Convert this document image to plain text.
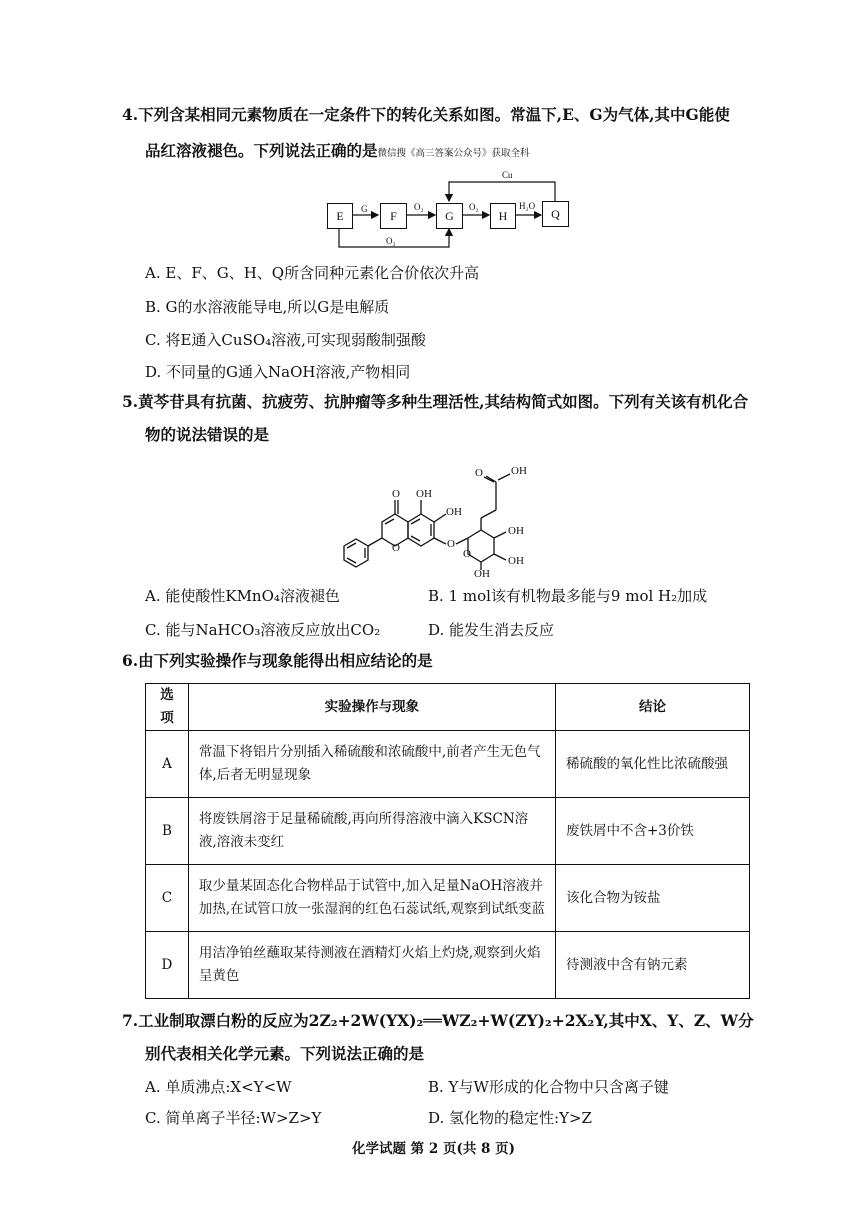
4.下列含某相同元素物质在一定条件下的转化关系如图。常温下,E、G为气体,其中G能使
品红溶液褪色。下列说法正确的是微信搜《高三答案公众号》获取全科
E	F	G	H	Q
G	O₂	O₂	H₂O
Cu
O₂
A. E、F、G、H、Q所含同种元素化合价依次升高
B. G的水溶液能导电,所以G是电解质
C. 将E通入CuSO₄溶液,可实现弱酸制强酸
D. 不同量的G通入NaOH溶液,产物相同
5.黄芩苷具有抗菌、抗疲劳、抗肿瘤等多种生理活性,其结构简式如图。下列有关该有机化合
物的说法错误的是
O OH
OH
O	O
O
O	OH
OH
OH
OH
A. 能使酸性KMnO₄溶液褪色	B. 1 mol该有机物最多能与9 mol H₂加成
C. 能与NaHCO₃溶液反应放出CO₂	D. 能发生消去反应
6.由下列实验操作与现象能得出相应结论的是
选项	实验操作与现象	结论
A	常温下将铝片分别插入稀硫酸和浓硫酸中,前者产生无色气
体,后者无明显现象	稀硫酸的氧化性比浓硫酸强
B	将废铁屑溶于足量稀硫酸,再向所得溶液中滴入KSCN溶
液,溶液未变红	废铁屑中不含+3价铁
C	取少量某固态化合物样品于试管中,加入足量NaOH溶液并
加热,在试管口放一张湿润的红色石蕊试纸,观察到试纸变蓝	该化合物为铵盐
D	用洁净铂丝蘸取某待测液在酒精灯火焰上灼烧,观察到火焰
呈黄色	待测液中含有钠元素
7.工业制取漂白粉的反应为2Z₂+2W(YX)₂══WZ₂+W(ZY)₂+2X₂Y,其中X、Y、Z、W分
别代表相关化学元素。下列说法正确的是
A. 单质沸点:X<Y<W	B. Y与W形成的化合物中只含离子键
C. 简单离子半径:W>Z>Y	D. 氢化物的稳定性:Y>Z
化学试题 第 2 页(共 8 页)
